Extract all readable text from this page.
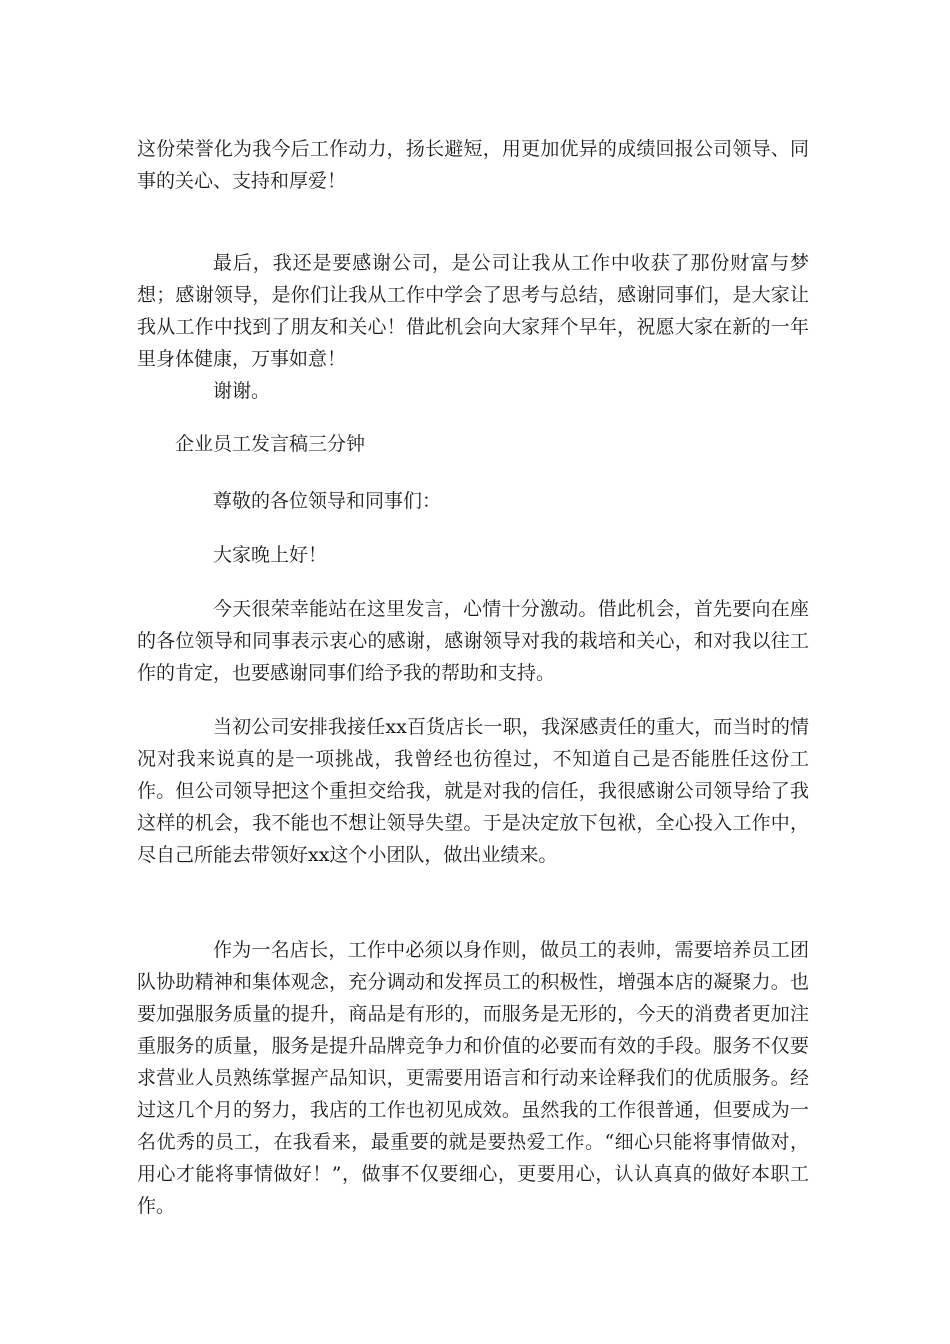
这份荣誉化为我今后工作动力，扬长避短，用更加优异的成绩回报公司领导、同事的关心、支持和厚爱！

最后，我还是要感谢公司，是公司让我从工作中收获了那份财富与梦想；感谢领导，是你们让我从工作中学会了思考与总结，感谢同事们，是大家让我从工作中找到了朋友和关心！借此机会向大家拜个早年，祝愿大家在新的一年里身体健康，万事如意！

谢谢。

企业员工发言稿三分钟

尊敬的各位领导和同事们：

大家晚上好！

今天很荣幸能站在这里发言，心情十分激动。借此机会，首先要向在座的各位领导和同事表示衷心的感谢，感谢领导对我的栽培和关心，和对我以往工作的肯定，也要感谢同事们给予我的帮助和支持。

当初公司安排我接任xx百货店长一职，我深感责任的重大，而当时的情况对我来说真的是一项挑战，我曾经也彷徨过，不知道自己是否能胜任这份工作。但公司领导把这个重担交给我，就是对我的信任，我很感谢公司领导给了我这样的机会，我不能也不想让领导失望。于是决定放下包袱，全心投入工作中，尽自己所能去带领好xx这个小团队，做出业绩来。

作为一名店长，工作中必须以身作则，做员工的表帅，需要培养员工团队协助精神和集体观念，充分调动和发挥员工的积极性，增强本店的凝聚力。也要加强服务质量的提升，商品是有形的，而服务是无形的，今天的消费者更加注重服务的质量，服务是提升品牌竞争力和价值的必要而有效的手段。服务不仅要求营业人员熟练掌握产品知识，更需要用语言和行动来诠释我们的优质服务。经过这几个月的努力，我店的工作也初见成效。虽然我的工作很普通，但要成为一名优秀的员工，在我看来，最重要的就是要热爱工作。“细心只能将事情做对，用心才能将事情做好！”，做事不仅要细心，更要用心，认认真真的做好本职工作。
